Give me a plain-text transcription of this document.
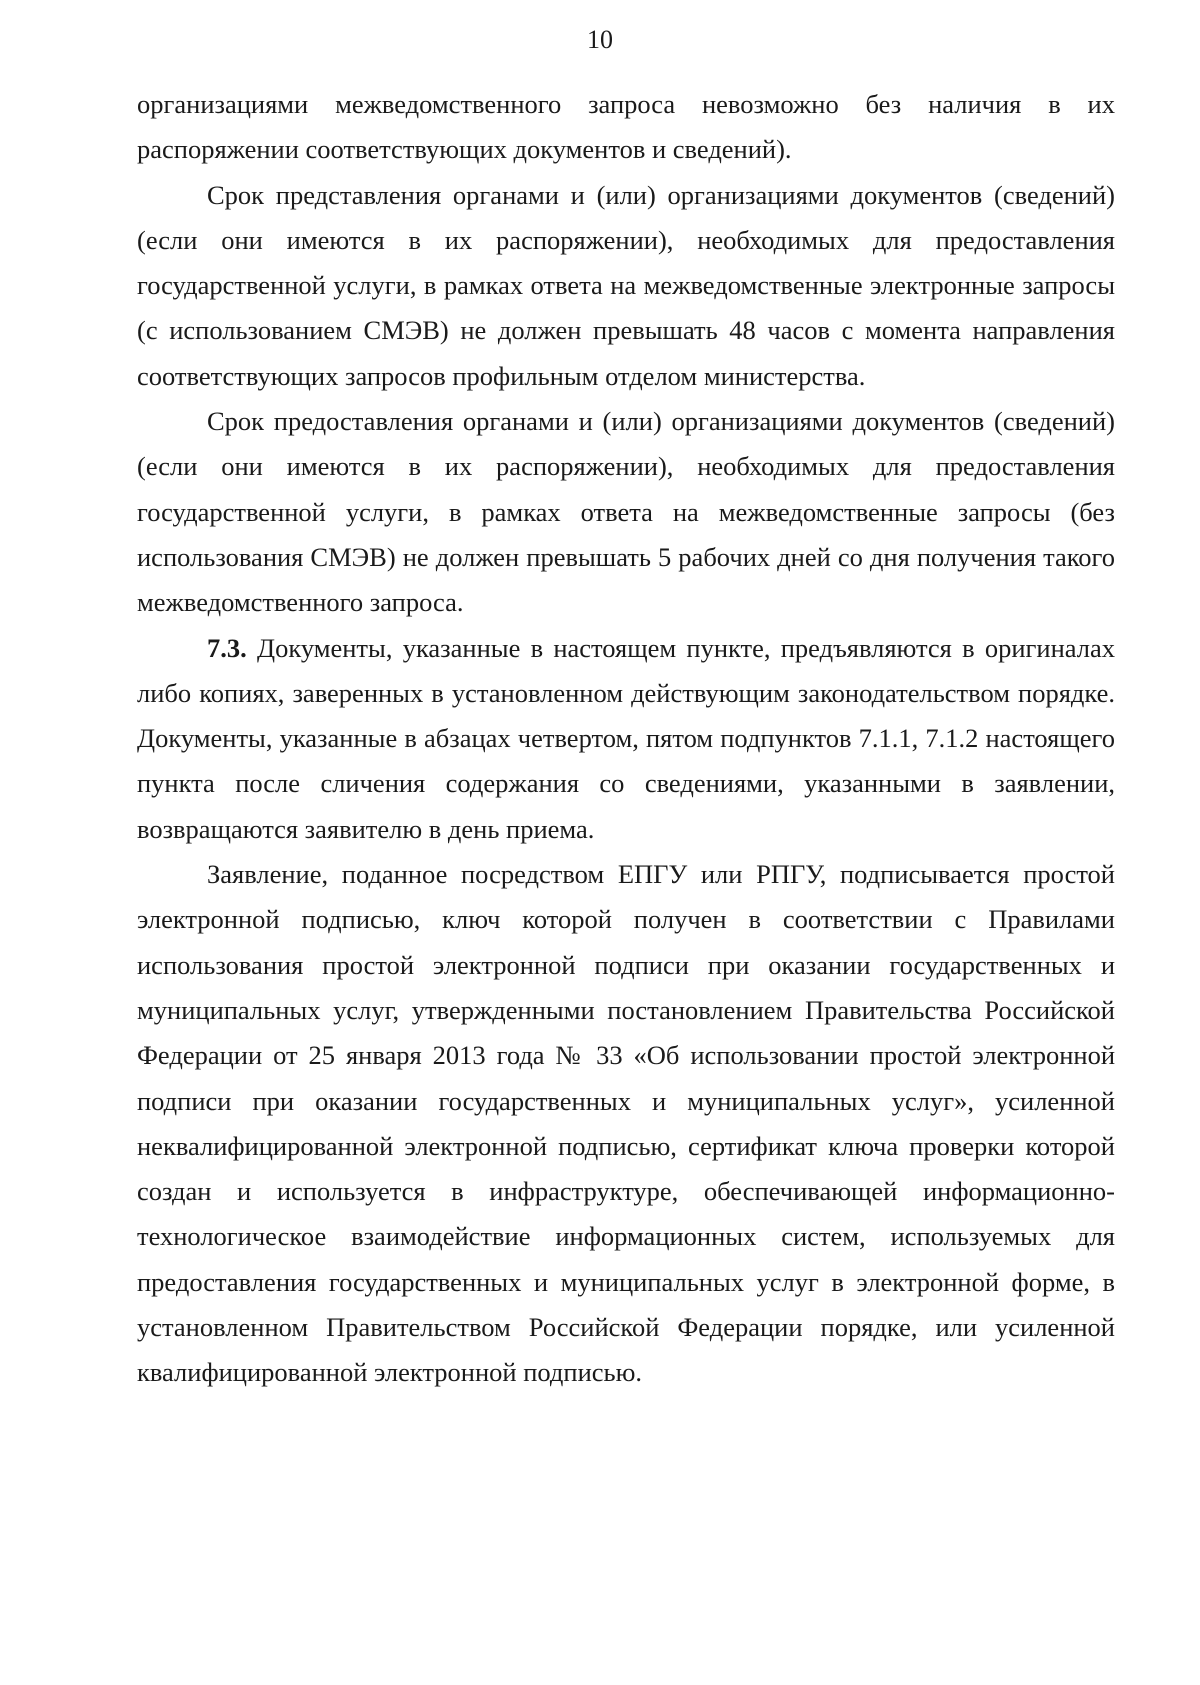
10

организациями межведомственного запроса невозможно без наличия в их распоряжении соответствующих документов и сведений).

Срок представления органами и (или) организациями документов (сведений) (если они имеются в их распоряжении), необходимых для предоставления государственной услуги, в рамках ответа на межведомственные электронные запросы (с использованием СМЭВ) не должен превышать 48 часов с момента направления соответствующих запросов профильным отделом министерства.

Срок предоставления органами и (или) организациями документов (сведений) (если они имеются в их распоряжении), необходимых для предоставления государственной услуги, в рамках ответа на межведомственные запросы (без использования СМЭВ) не должен превышать 5 рабочих дней со дня получения такого межведомственного запроса.

7.3. Документы, указанные в настоящем пункте, предъявляются в оригиналах либо копиях, заверенных в установленном действующим законодательством порядке. Документы, указанные в абзацах четвертом, пятом подпунктов 7.1.1, 7.1.2 настоящего пункта после сличения содержания со сведениями, указанными в заявлении, возвращаются заявителю в день приема.

Заявление, поданное посредством ЕПГУ или РПГУ, подписывается простой электронной подписью, ключ которой получен в соответствии с Правилами использования простой электронной подписи при оказании государственных и муниципальных услуг, утвержденными постановлением Правительства Российской Федерации от 25 января 2013 года № 33 «Об использовании простой электронной подписи при оказании государственных и муниципальных услуг», усиленной неквалифицированной электронной подписью, сертификат ключа проверки которой создан и используется в инфраструктуре, обеспечивающей информационно-технологическое взаимодействие информационных систем, используемых для предоставления государственных и муниципальных услуг в электронной форме, в установленном Правительством Российской Федерации порядке, или усиленной квалифицированной электронной подписью.
